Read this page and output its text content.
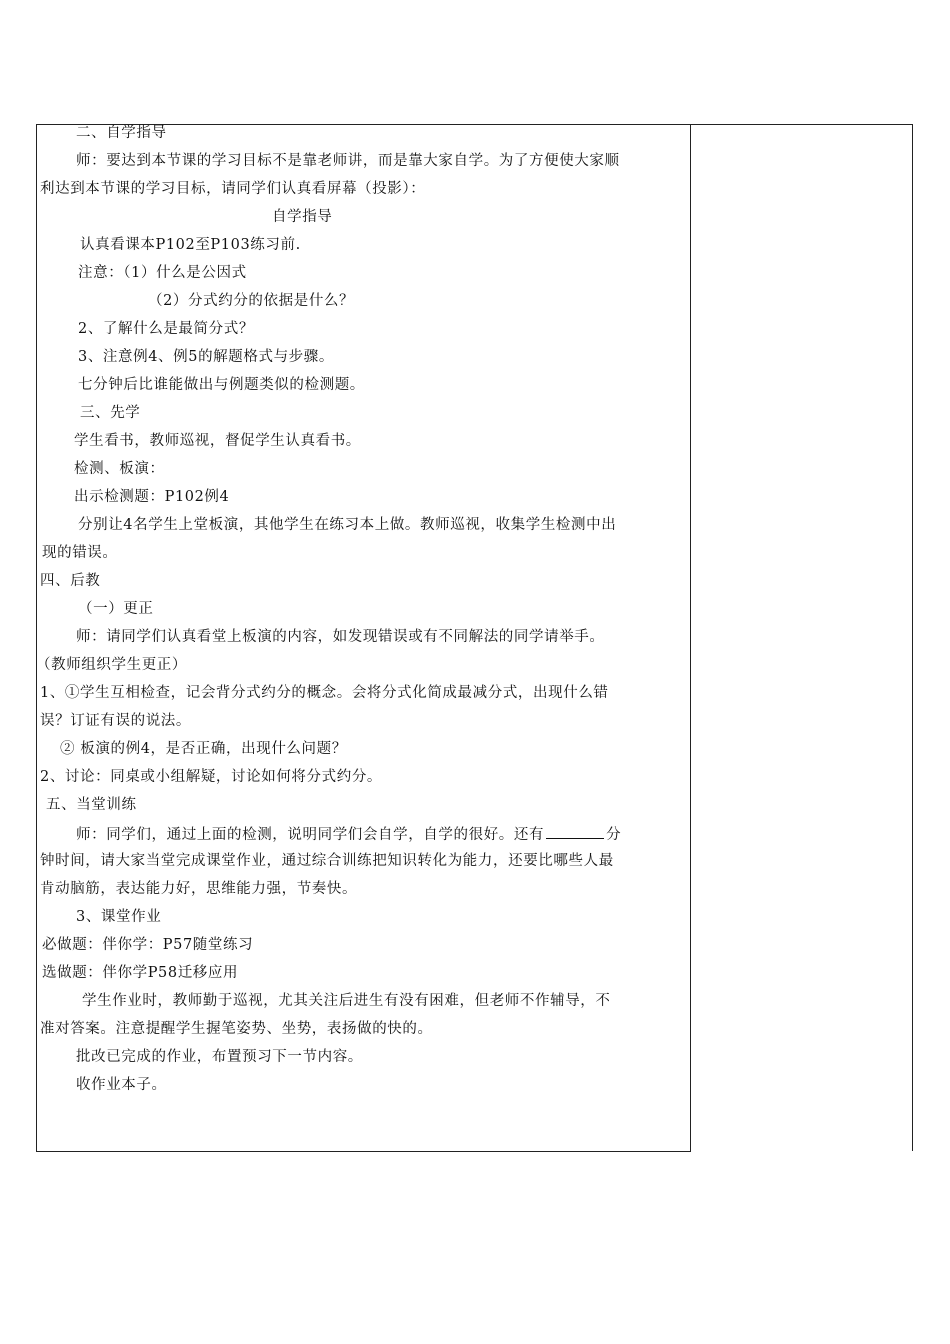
二、自学指导
师：要达到本节课的学习目标不是靠老师讲，而是靠大家自学。为了方便使大家顺
利达到本节课的学习目标，请同学们认真看屏幕（投影）：
自学指导
认真看课本P102至P103练习前.
注意：（1）什么是公因式
（2）分式约分的依据是什么？
2、了解什么是最简分式？
3、注意例4、例5的解题格式与步骤。
七分钟后比谁能做出与例题类似的检测题。
三、先学
学生看书，教师巡视，督促学生认真看书。
检测、板演：
出示检测题：P102例4
分别让4名学生上堂板演，其他学生在练习本上做。教师巡视，收集学生检测中出
现的错误。
四、后教
（一）更正
师：请同学们认真看堂上板演的内容，如发现错误或有不同解法的同学请举手。
（教师组织学生更正）
1、①学生互相检查，记会背分式约分的概念。会将分式化简成最减分式，出现什么错
误？订证有误的说法。
② 板演的例4，是否正确，出现什么问题？
2、讨论：同桌或小组解疑，讨论如何将分式约分。
五、当堂训练
师：同学们，通过上面的检测，说明同学们会自学，自学的很好。还有	分
钟时间，请大家当堂完成课堂作业，通过综合训练把知识转化为能力，还要比哪些人最
肯动脑筋，表达能力好，思维能力强，节奏快。
3、课堂作业
必做题：伴你学：P57随堂练习
选做题：伴你学P58迁移应用
学生作业时，教师勤于巡视，尤其关注后进生有没有困难，但老师不作辅导，不
准对答案。注意提醒学生握笔姿势、坐势，表扬做的快的。
批改已完成的作业，布置预习下一节内容。
收作业本子。
